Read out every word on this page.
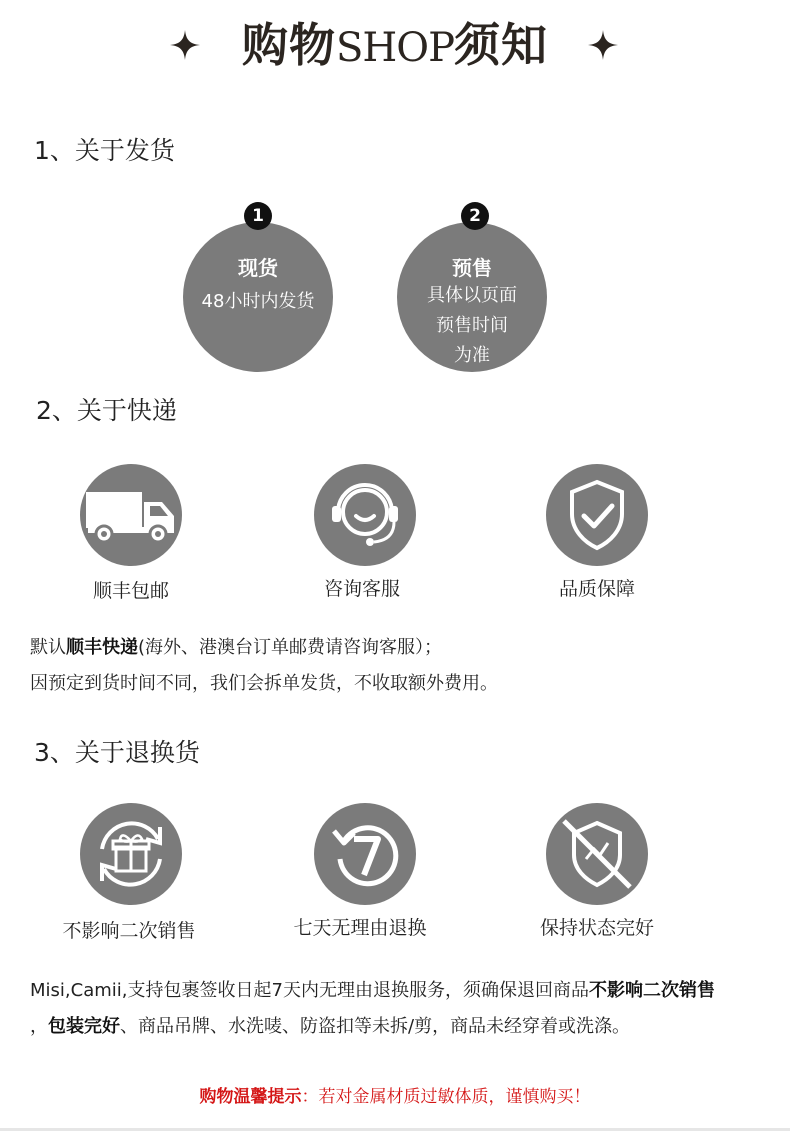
购物SHOP须知
1、关于发货
现货
48小时内发货
1
预售
具体以页面
预售时间
为准
2
2、关于快递
顺丰包邮	咨询客服	品质保障
默认顺丰快递(海外、港澳台订单邮费请咨询客服）；
因预定到货时间不同，我们会拆单发货，不收取额外费用。
3、关于退换货
不影响二次销售	七天无理由退换	保持状态完好
Misi,Camii,支持包裹签收日起7天内无理由退换服务，须确保退回商品不影响二次销售
，包装完好、商品吊牌、水洗唛、防盗扣等未拆/剪，商品未经穿着或洗涤。
购物温馨提示：若对金属材质过敏体质，谨慎购买！
